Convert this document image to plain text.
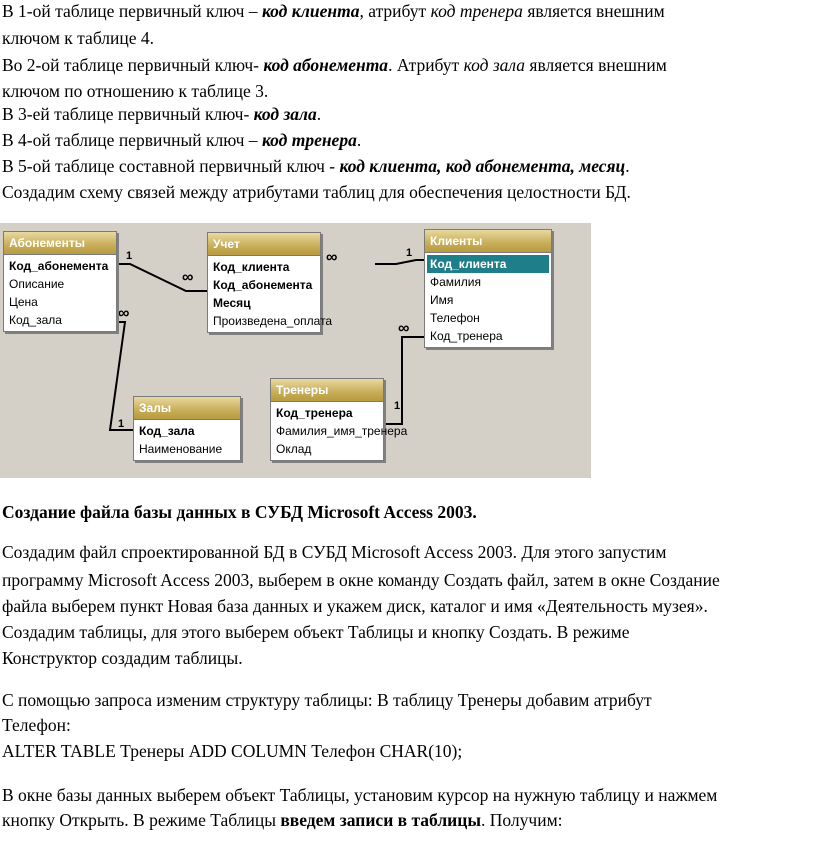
В 1-ой таблице первичный ключ – код клиента, атрибут код тренера является внешним
ключом к таблице 4.
Во 2-ой таблице первичный ключ- код абонемента. Атрибут код зала является внешним
ключом по отношению к таблице 3.
В 3-ей таблице первичный ключ- код зала.
В 4-ой таблице первичный ключ – код тренера.
В 5-ой таблице составной первичный ключ - код клиента, код абонемента, месяц.
Создадим схему связей между атрибутами таблиц для обеспечения целостности БД.
1
∞
∞	1
∞
1
1
∞
Абонементы
Код_абонемента
Описание
Цена
Код_зала
Учет
Код_клиента
Код_абонемента
Месяц
Произведена_оплата
Клиенты
Код_клиента
Фамилия
Имя
Телефон
Код_тренера
Залы
Код_зала
Наименование
Тренеры
Код_тренера
Фамилия_имя_тренера
Оклад
Создание файла базы данных в СУБД Microsoft Access 2003.
Создадим файл спроектированной БД в СУБД Microsoft Access 2003. Для этого запустим
программу Microsoft Access 2003, выберем в окне команду Создать файл, затем в окне Создание
файла выберем пункт Новая база данных и укажем диск, каталог и имя «Деятельность музея».
Создадим таблицы, для этого выберем объект Таблицы и кнопку Создать. В режиме
Конструктор создадим таблицы.
С помощью запроса изменим структуру таблицы: В таблицу Тренеры добавим атрибут
Телефон:
ALTER TABLE Тренеры ADD COLUMN Телефон CHAR(10);
В окне базы данных выберем объект Таблицы, установим курсор на нужную таблицу и нажмем
кнопку Открыть. В режиме Таблицы введем записи в таблицы. Получим:
